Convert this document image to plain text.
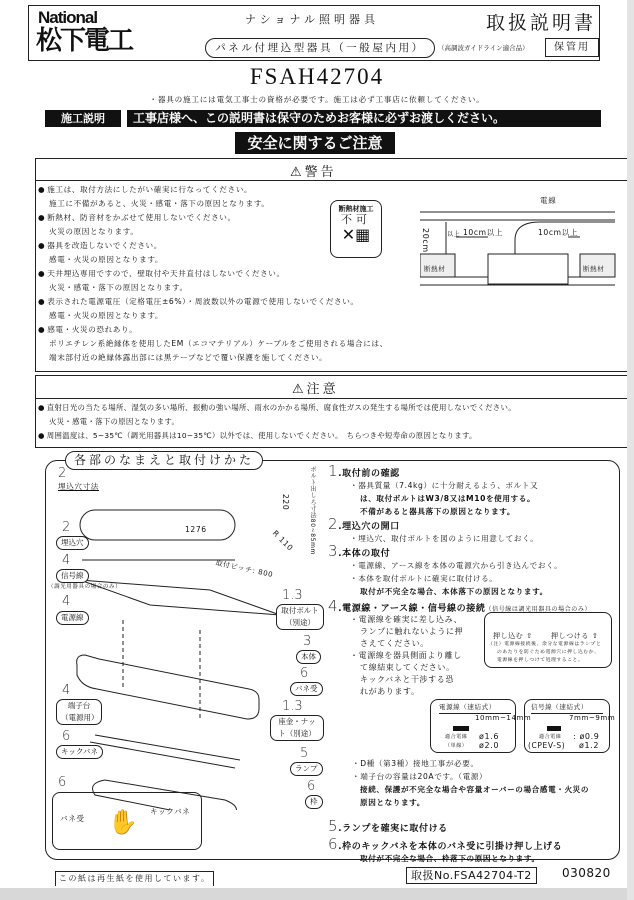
National
松下電工
ナショナル照明器具	取扱説明書
パネル付埋込型器具（一般屋内用）	（高調波ガイドライン適合品）	保管用
FSAH42704
・器具の施工には電気工事士の資格が必要です。施工は必ず工事店に依頼してください。
施工説明	工事店様へ、この説明書は保守のためお客様に必ずお渡しください。
安全に関するご注意
⚠警告
● 施工は、取付方法にしたがい確実に行なってください。
施工に不備があると、火災・感電・落下の原因となります。
● 断熱材、防音材をかぶせて使用しないでください。
火災の原因となります。
● 器具を改造しないでください。
感電・火災の原因となります。
● 天井埋込専用ですので、壁取付や天井直付はしないでください。
火災・感電・落下の原因となります。
● 表示された電源電圧（定格電圧±6%）・周波数以外の電源で使用しないでください。
感電・火災の原因となります。
● 感電・火災の恐れあり。
ポリエチレン系絶縁体を使用したEM（エコマテリアル）ケーブルをご使用される場合には、
端末部付近の絶縁体露出部には黒テープなどで覆い保護を施してください。
断熱材施工
不可
✕▦
電線
20cm	以上 10cm以上	10cm以上
断熱材	断熱材
⚠注意
● 直射日光の当たる場所、湿気の多い場所、振動の強い場所、雨水のかかる場所、腐食性ガスの発生する場所では使用しないでください。
火災・感電・落下の原因となります。
● 周囲温度は、5~35℃（調光用器具は10~35℃）以外では、使用しないでください。　ちらつきや短寿命の原因となります。
各部のなまえと取付けかた
2
埋込穴寸法
1276
220
R 110
取付ピッチ: 800
ボルト出しろ寸法80~85mm
2
埋込穴
4
信号線
（調光用器具の場合のみ）
4
電源線
1.3
取付ボルト（別途）
3
本体
6
バネ受
4
端子台（電源用）
1.3
座金・ナット（別途）
6
キックバネ	5
ランプ
6
枠
6
バネ受
キックバネ
✋
1.取付前の確認
・器具質量（7.4kg）に十分耐えるよう、ボルト又
は、取付ボルトはW3/8又はM10を使用する。
不備があると器具落下の原因となります。
2.埋込穴の開口
・埋込穴、取付ボルトを図のように用意しておく。
3.本体の取付
・電源線、アース線を本体の電源穴から引き込んでおく。
・本体を取付ボルトに確実に取付ける。
取付が不完全な場合、本体落下の原因となります。
4.電源線・アース線・信号線の接続（信号線は調光用器具の場合のみ）
・電源線を確実に差し込み、
ランプに触れないように押
さえてください。
・電源線を器具側面より離し
て線結束してください。
キックバネと干渉する恐
れがあります。
5.ランプを確実に取付ける
6.枠のキックバネを本体のバネ受に引掛け押し上げる
取付が不完全な場合、枠落下の原因となります。
押し込む ⇧	押しつける ⇧
（注）電源線接続後、余分な電源線はランプと
のあたりを防ぐため電源穴に押し込むか、
電源線を押しつけて処理すること。
電源線（速結式）
10mm~14mm
適合電線 ø1.6
（単線） ø2.0
信号線（速結式）
7mm~9mm
適合電線 : ø0.9
(CPEV-S) ø1.2
・D種（第3種）接地工事が必要。
・端子台の容量は20Aです。（電源）
接続、保護が不完全な場合や容量オーバーの場合感電・火災の
原因となります。
この紙は再生紙を使用しています。	取扱No.FSA42704-T2	030820
